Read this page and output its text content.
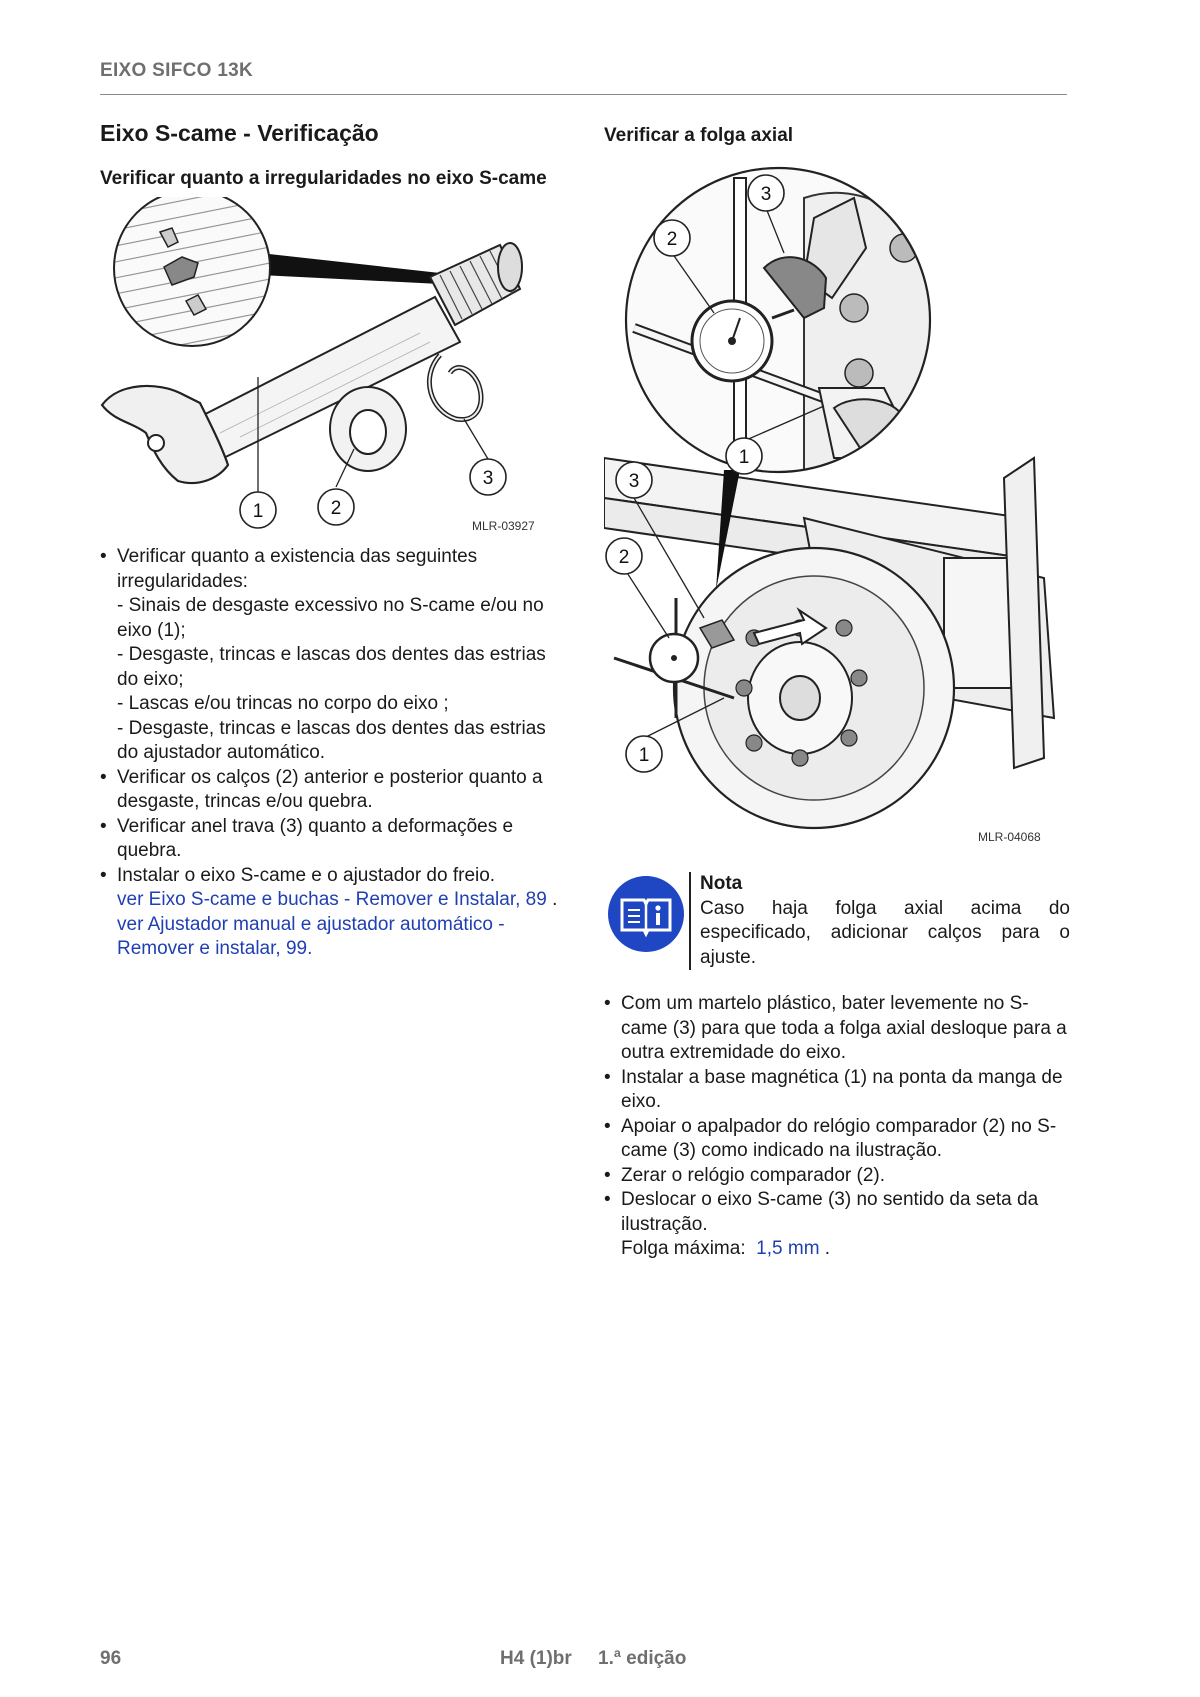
EIXO SIFCO 13K
Eixo S-came - Verificação
Verificar quanto a irregularidades no eixo S-came
1	2
3
MLR-03927
• Verificar quanto a existencia das seguintes irregularidades:
- Sinais de desgaste excessivo no S-came e/ou no eixo (1);
- Desgaste, trincas e lascas dos dentes das estrias do eixo;
- Lascas e/ou trincas no corpo do eixo ;
- Desgaste, trincas e lascas dos dentes das estrias do ajustador automático.
• Verificar os calços (2) anterior e posterior quanto a desgaste, trincas e/ou quebra.
• Verificar anel trava (3) quanto a deformações e quebra.
• Instalar o eixo S-came e o ajustador do freio.
ver Eixo S-came e buchas - Remover e Instalar, 89 .
ver Ajustador manual e ajustador automático - Remover e instalar, 99.
Verificar a folga axial
3
2
1
3
2
1
MLR-04068
Nota
Caso haja folga axial acima do especificado, adicionar calços para o ajuste.
• Com um martelo plástico, bater levemente no S-came (3) para que toda a folga axial desloque para a outra extremidade do eixo.
• Instalar a base magnética (1) na ponta da manga de eixo.
• Apoiar o apalpador do relógio comparador (2) no S-came (3) como indicado na ilustração.
• Zerar o relógio comparador (2).
• Deslocar o eixo S-came (3) no sentido da seta da ilustração.
Folga máxima: 1,5 mm .
96	H4 (1)br 1.ª edição
